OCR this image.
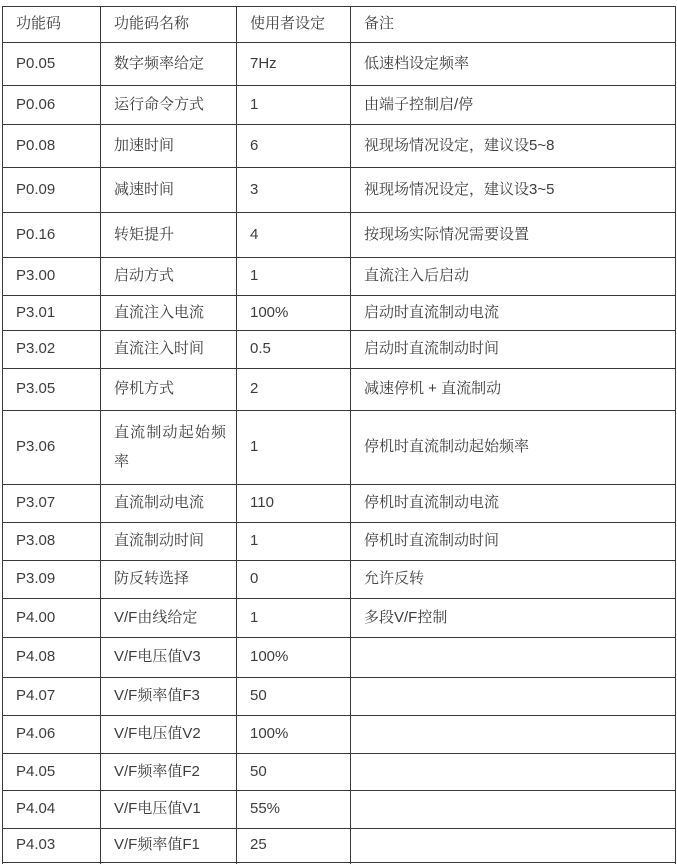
功能码	功能码名称	使用者设定	备注
P0.05	数字频率给定	7Hz	低速档设定频率
P0.06	运行命令方式	1	由端子控制启/停
P0.08	加速时间	6	视现场情况设定，建议设5~8
P0.09	减速时间	3	视现场情况设定，建议设3~5
P0.16	转矩提升	4	按现场实际情况需要设置
P3.00	启动方式	1	直流注入后启动
P3.01	直流注入电流	100%	启动时直流制动电流
P3.02	直流注入时间	0.5	启动时直流制动时间
P3.05	停机方式	2	减速停机 + 直流制动
P3.06	直流制动起始频率	1	停机时直流制动起始频率
P3.07	直流制动电流	110	停机时直流制动电流
P3.08	直流制动时间	1	停机时直流制动时间
P3.09	防反转选择	0	允许反转
P4.00	V/F由线给定	1	多段V/F控制
P4.08	V/F电压值V3	100%	
P4.07	V/F频率值F3	50	
P4.06	V/F电压值V2	100%	
P4.05	V/F频率值F2	50	
P4.04	V/F电压值V1	55%	
P4.03	V/F频率值F1	25	
